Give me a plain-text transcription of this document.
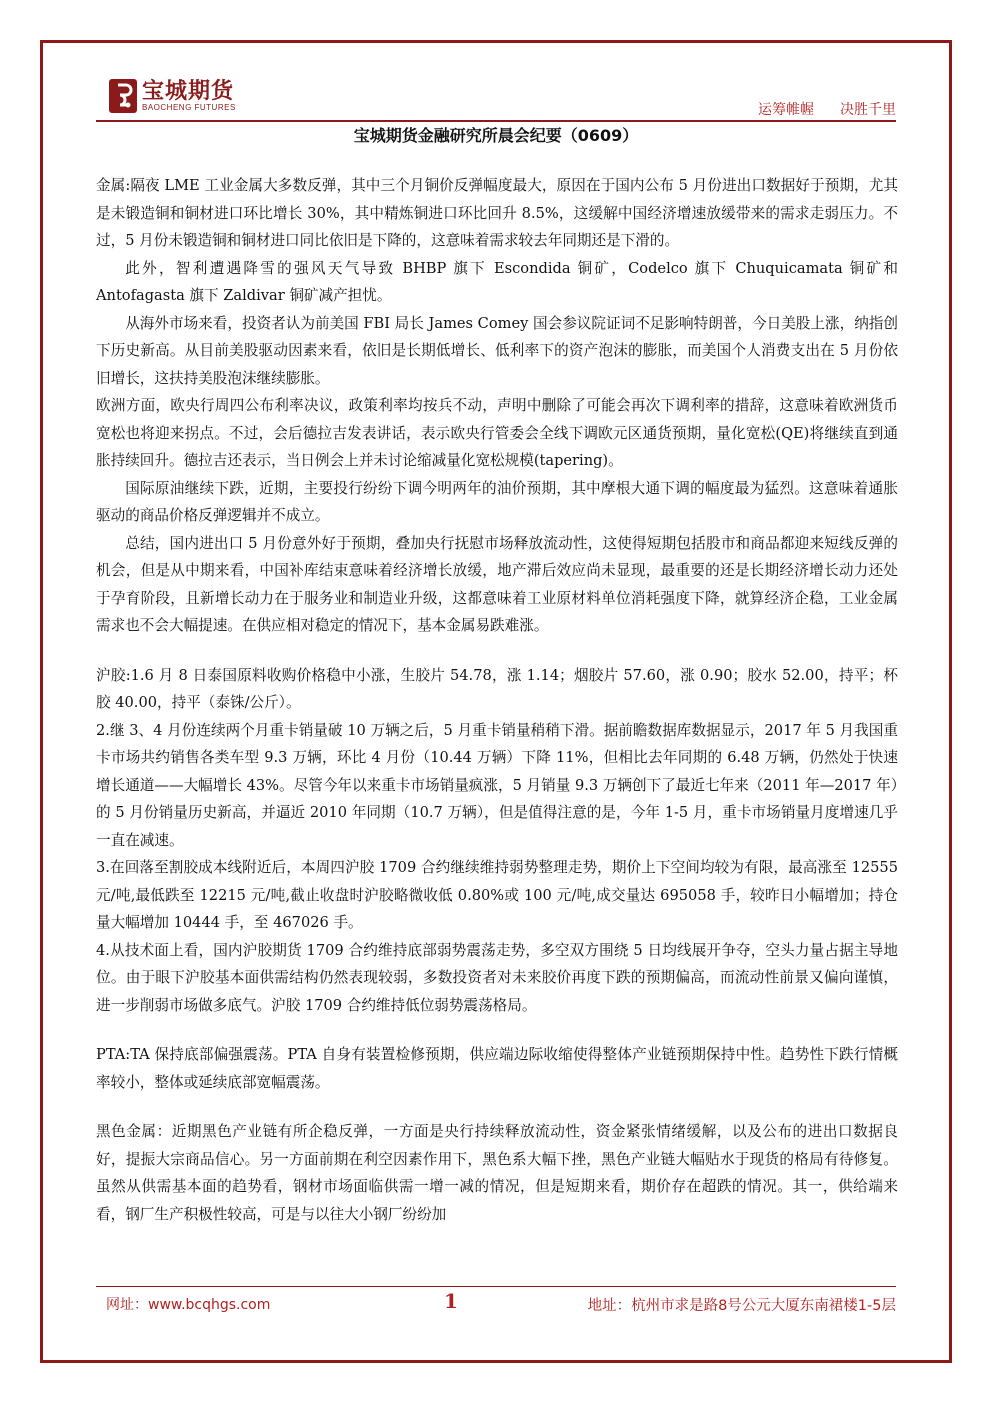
宝城期货
BAOCHENG FUTURES	运筹帷幄 决胜千里
宝城期货金融研究所晨会纪要（0609）

金属:隔夜 LME 工业金属大多数反弹，其中三个月铜价反弹幅度最大，原因在于国内公布 5 月份进出口数据好于预期，尤其是未锻造铜和铜材进口环比增长 30%，其中精炼铜进口环比回升 8.5%，这缓解中国经济增速放缓带来的需求走弱压力。不过，5 月份未锻造铜和铜材进口同比依旧是下降的，这意味着需求较去年同期还是下滑的。

此外，智利遭遇降雪的强风天气导致 BHBP 旗下 Escondida 铜矿，Codelco 旗下 Chuquicamata 铜矿和 Antofagasta 旗下 Zaldivar 铜矿减产担忧。

从海外市场来看，投资者认为前美国 FBI 局长 James Comey 国会参议院证词不足影响特朗普，今日美股上涨，纳指创下历史新高。从目前美股驱动因素来看，依旧是长期低增长、低利率下的资产泡沫的膨胀，而美国个人消费支出在 5 月份依旧增长，这扶持美股泡沫继续膨胀。

欧洲方面，欧央行周四公布利率决议，政策利率均按兵不动，声明中删除了可能会再次下调利率的措辞，这意味着欧洲货币宽松也将迎来拐点。不过，会后德拉吉发表讲话，表示欧央行管委会全线下调欧元区通货预期，量化宽松(QE)将继续直到通胀持续回升。德拉吉还表示，当日例会上并未讨论缩减量化宽松规模(tapering)。

国际原油继续下跌，近期，主要投行纷纷下调今明两年的油价预期，其中摩根大通下调的幅度最为猛烈。这意味着通胀驱动的商品价格反弹逻辑并不成立。

总结，国内进出口 5 月份意外好于预期，叠加央行抚慰市场释放流动性，这使得短期包括股市和商品都迎来短线反弹的机会，但是从中期来看，中国补库结束意味着经济增长放缓，地产滞后效应尚未显现，最重要的还是长期经济增长动力还处于孕育阶段，且新增长动力在于服务业和制造业升级，这都意味着工业原材料单位消耗强度下降，就算经济企稳，工业金属需求也不会大幅提速。在供应相对稳定的情况下，基本金属易跌难涨。

沪胶:1.6 月 8 日泰国原料收购价格稳中小涨，生胶片 54.78，涨 1.14；烟胶片 57.60，涨 0.90；胶水 52.00，持平；杯胶 40.00，持平（泰铢/公斤）。

2.继 3、4 月份连续两个月重卡销量破 10 万辆之后，5 月重卡销量稍稍下滑。据前瞻数据库数据显示，2017 年 5 月我国重卡市场共约销售各类车型 9.3 万辆，环比 4 月份（10.44 万辆）下降 11%，但相比去年同期的 6.48 万辆，仍然处于快速增长通道——大幅增长 43%。尽管今年以来重卡市场销量疯涨，5 月销量 9.3 万辆创下了最近七年来（2011 年—2017 年）的 5 月份销量历史新高，并逼近 2010 年同期（10.7 万辆），但是值得注意的是，今年 1-5 月，重卡市场销量月度增速几乎一直在减速。

3.在回落至割胶成本线附近后，本周四沪胶 1709 合约继续维持弱势整理走势，期价上下空间均较为有限，最高涨至 12555 元/吨,最低跌至 12215 元/吨,截止收盘时沪胶略微收低 0.80%或 100 元/吨,成交量达 695058 手，较昨日小幅增加；持仓量大幅增加 10444 手，至 467026 手。

4.从技术面上看，国内沪胶期货 1709 合约维持底部弱势震荡走势，多空双方围绕 5 日均线展开争夺，空头力量占据主导地位。由于眼下沪胶基本面供需结构仍然表现较弱，多数投资者对未来胶价再度下跌的预期偏高，而流动性前景又偏向谨慎，进一步削弱市场做多底气。沪胶 1709 合约维持低位弱势震荡格局。

PTA:TA 保持底部偏强震荡。PTA 自身有装置检修预期，供应端边际收缩使得整体产业链预期保持中性。趋势性下跌行情概率较小，整体或延续底部宽幅震荡。

黑色金属：近期黑色产业链有所企稳反弹，一方面是央行持续释放流动性，资金紧张情绪缓解，以及公布的进出口数据良好，提振大宗商品信心。另一方面前期在利空因素作用下，黑色系大幅下挫，黑色产业链大幅贴水于现货的格局有待修复。虽然从供需基本面的趋势看，钢材市场面临供需一增一减的情况，但是短期来看，期价存在超跌的情况。其一，供给端来看，钢厂生产积极性较高，可是与以往大小钢厂纷纷加

网址：www.bcqhgs.com	1	地址：杭州市求是路8号公元大厦东南裙楼1-5层
